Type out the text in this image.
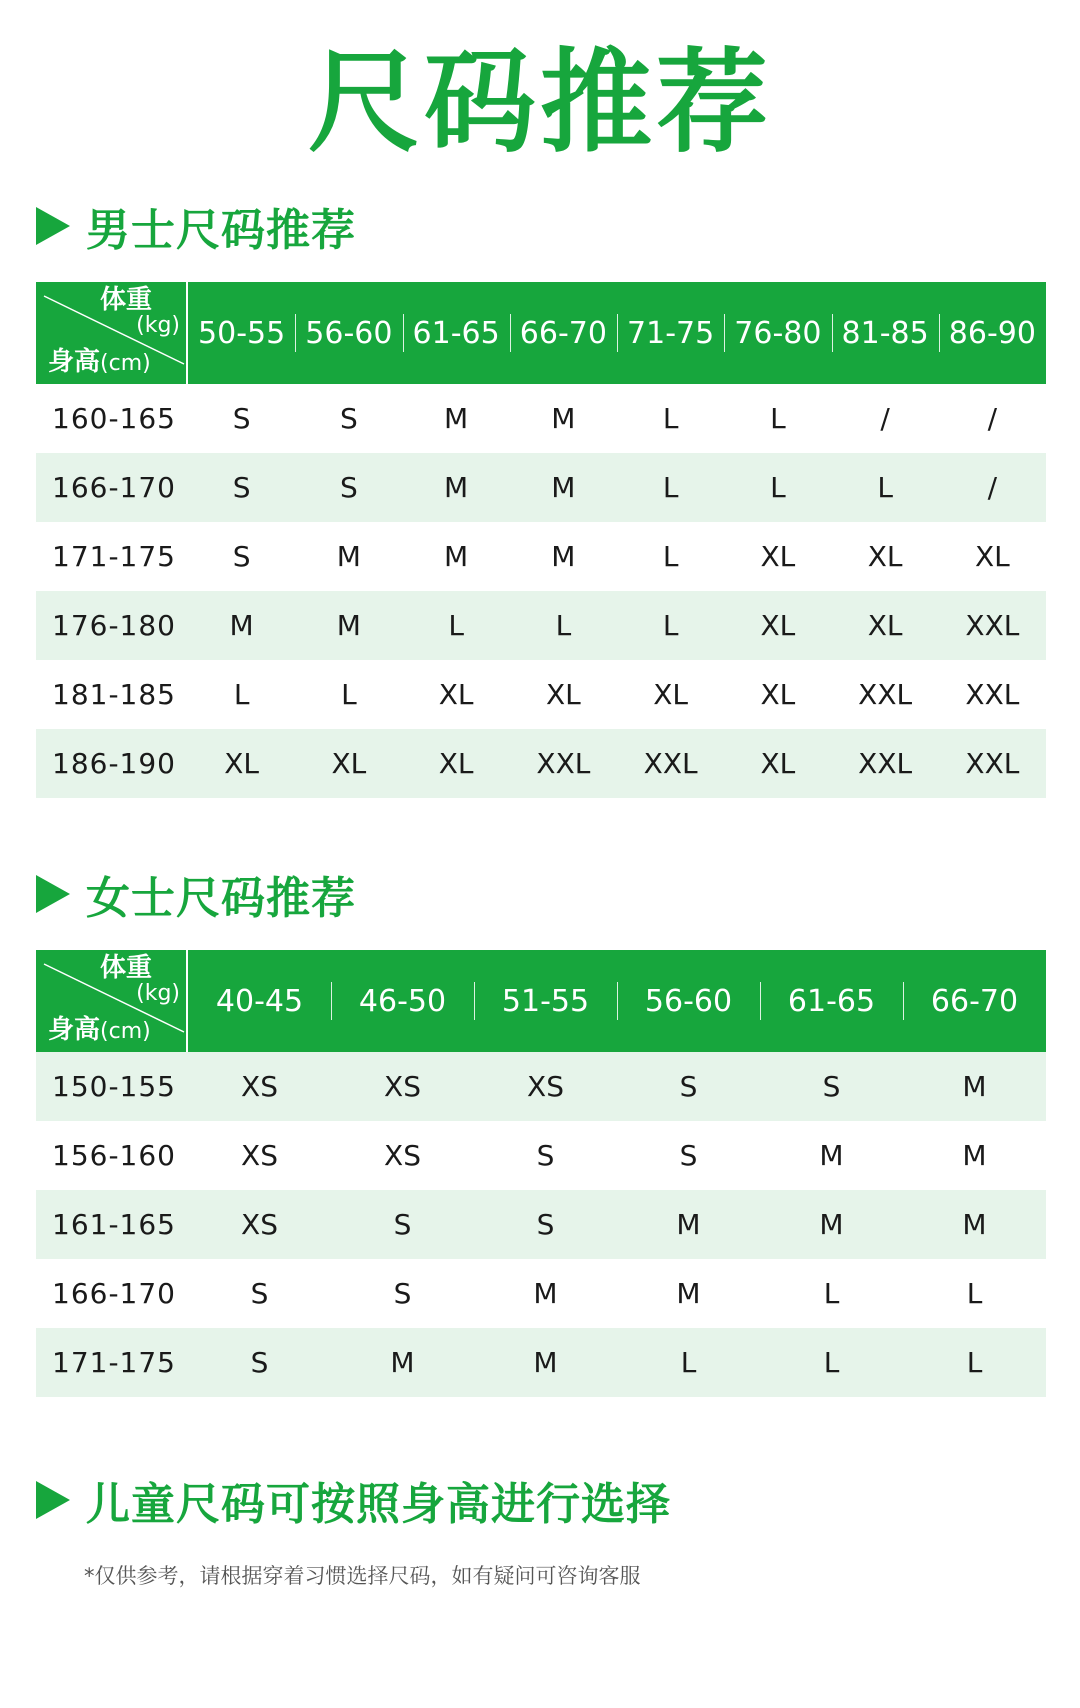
尺码推荐
男士尺码推荐
体重
(kg)
身高(cm)
50-55 56-60 61-65 66-70 71-75 76-80 81-85 86-90
160-165	S	S	M	M	L	L	/	/
166-170	S	S	M	M	L	L	L	/
171-175	S	M	M	M	L	XL	XL	XL
176-180	M	M	L	L	L	XL	XL	XXL
181-185	L	L	XL	XL	XL	XL	XXL	XXL
186-190	XL	XL	XL	XXL	XXL	XL	XXL	XXL
女士尺码推荐
体重
(kg)
身高(cm)
40-45 46-50 51-55 56-60 61-65 66-70
150-155	XS	XS	XS	S	S	M
156-160	XS	XS	S	S	M	M
161-165	XS	S	S	M	M	M
166-170	S	S	M	M	L	L
171-175	S	M	M	L	L	L
儿童尺码可按照身高进行选择
*仅供参考，请根据穿着习惯选择尺码，如有疑问可咨询客服
